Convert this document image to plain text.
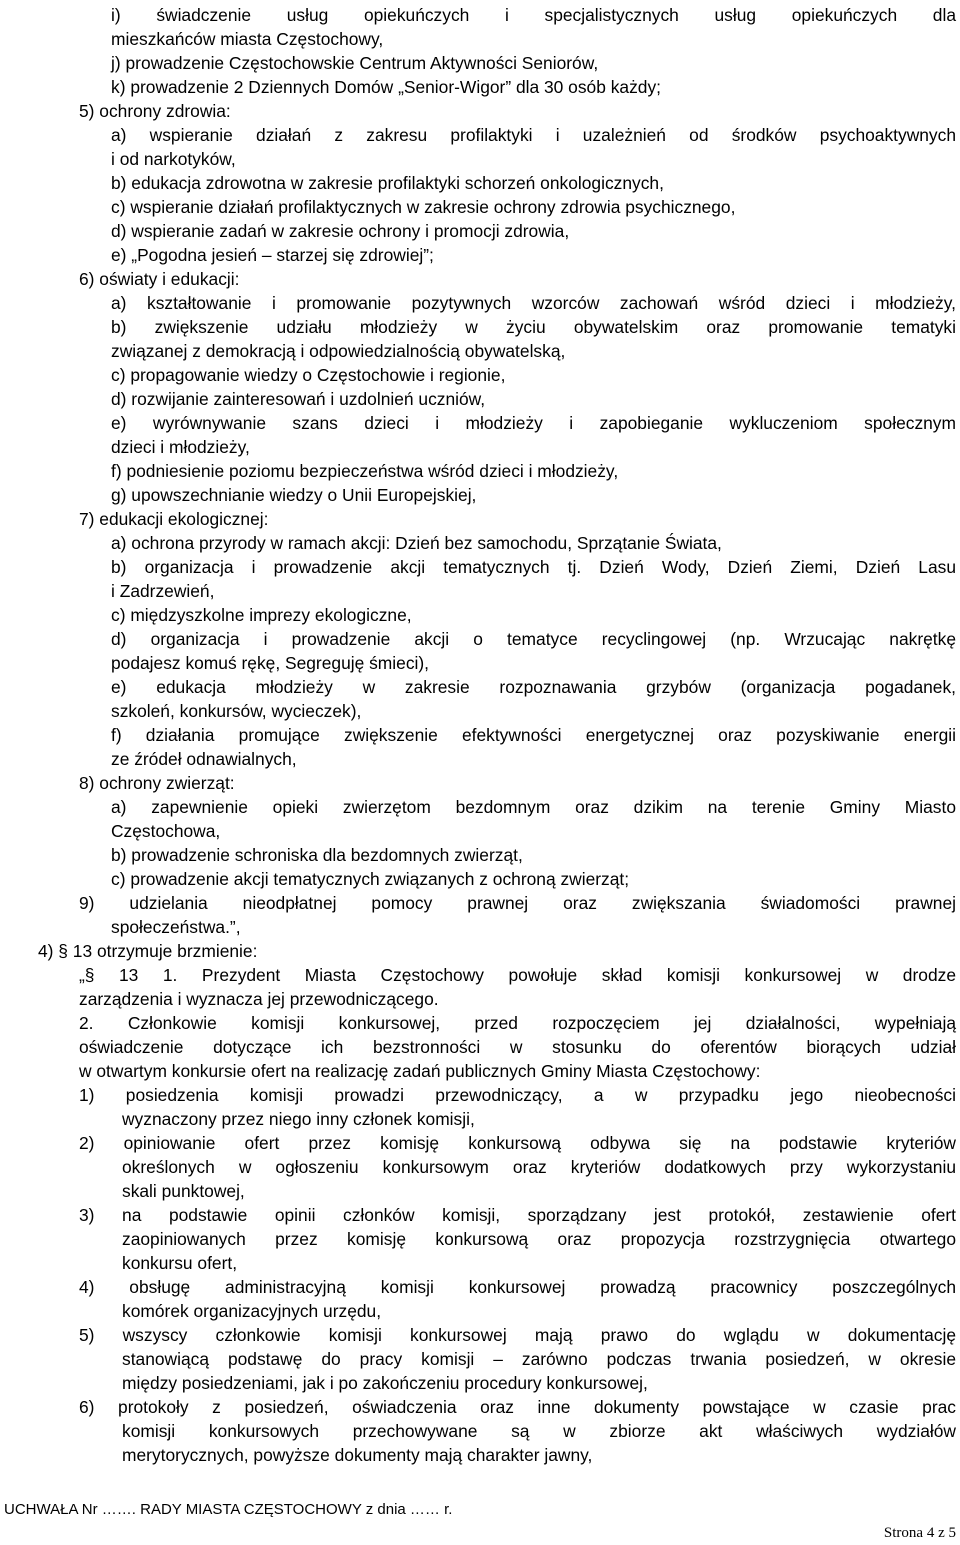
i) świadczenie usług opiekuńczych i specjalistycznych usług opiekuńczych dla
mieszkańców miasta Częstochowy,
j) prowadzenie Częstochowskie Centrum Aktywności Seniorów,
k) prowadzenie 2 Dziennych Domów „Senior-Wigor” dla 30 osób każdy;
5) ochrony zdrowia:
a) wspieranie działań z zakresu profilaktyki i uzależnień od środków psychoaktywnych
i od narkotyków,
b) edukacja zdrowotna w zakresie profilaktyki schorzeń onkologicznych,
c) wspieranie działań profilaktycznych w zakresie ochrony zdrowia psychicznego,
d) wspieranie zadań w zakresie ochrony i promocji zdrowia,
e) „Pogodna jesień – starzej się zdrowiej”;
6) oświaty i edukacji:
a) kształtowanie i promowanie pozytywnych wzorców zachowań wśród dzieci i młodzieży,
b) zwiększenie udziału młodzieży w życiu obywatelskim oraz promowanie tematyki
związanej z demokracją i odpowiedzialnością obywatelską,
c) propagowanie wiedzy o Częstochowie i regionie,
d) rozwijanie zainteresowań i uzdolnień uczniów,
e) wyrównywanie szans dzieci i młodzieży i zapobieganie wykluczeniom społecznym
dzieci i młodzieży,
f) podniesienie poziomu bezpieczeństwa wśród dzieci i młodzieży,
g) upowszechnianie wiedzy o Unii Europejskiej,
7) edukacji ekologicznej:
a) ochrona przyrody w ramach akcji: Dzień bez samochodu, Sprzątanie Świata,
b) organizacja i prowadzenie akcji tematycznych tj. Dzień Wody, Dzień Ziemi, Dzień Lasu
i Zadrzewień,
c) międzyszkolne imprezy ekologiczne,
d) organizacja i prowadzenie akcji o tematyce recyclingowej (np. Wrzucając nakrętkę
podajesz komuś rękę, Segreguję śmieci),
e) edukacja młodzieży w zakresie rozpoznawania grzybów (organizacja pogadanek,
szkoleń, konkursów, wycieczek),
f) działania promujące zwiększenie efektywności energetycznej oraz pozyskiwanie energii
ze źródeł odnawialnych,
8) ochrony zwierząt:
a) zapewnienie opieki zwierzętom bezdomnym oraz dzikim na terenie Gminy Miasto
Częstochowa,
b) prowadzenie schroniska dla bezdomnych zwierząt,
c) prowadzenie akcji tematycznych związanych z ochroną zwierząt;
9) udzielania nieodpłatnej pomocy prawnej oraz zwiększania świadomości prawnej
społeczeństwa.”,
4) § 13 otrzymuje brzmienie:
„§ 13 1. Prezydent Miasta Częstochowy powołuje skład komisji konkursowej w drodze
zarządzenia i wyznacza jej przewodniczącego.
2. Członkowie komisji konkursowej, przed rozpoczęciem jej działalności, wypełniają
oświadczenie dotyczące ich bezstronności w stosunku do oferentów biorących udział
w otwartym konkursie ofert na realizację zadań publicznych Gminy Miasta Częstochowy:
1) posiedzenia komisji prowadzi przewodniczący, a w przypadku jego nieobecności
wyznaczony przez niego inny członek komisji,
2) opiniowanie ofert przez komisję konkursową odbywa się na podstawie kryteriów
określonych w ogłoszeniu konkursowym oraz kryteriów dodatkowych przy wykorzystaniu
skali punktowej,
3) na podstawie opinii członków komisji, sporządzany jest protokół, zestawienie ofert
zaopiniowanych przez komisję konkursową oraz propozycja rozstrzygnięcia otwartego
konkursu ofert,
4) obsługę administracyjną komisji konkursowej prowadzą pracownicy poszczególnych
komórek organizacyjnych urzędu,
5) wszyscy członkowie komisji konkursowej mają prawo do wglądu w dokumentację
stanowiącą podstawę do pracy komisji – zarówno podczas trwania posiedzeń, w okresie
między posiedzeniami, jak i po zakończeniu procedury konkursowej,
6) protokoły z posiedzeń, oświadczenia oraz inne dokumenty powstające w czasie prac
komisji konkursowych przechowywane są w zbiorze akt właściwych wydziałów
merytorycznych, powyższe dokumenty mają charakter jawny,
UCHWAŁA Nr ……. RADY MIASTA CZĘSTOCHOWY z dnia …… r.
Strona 4 z 5
